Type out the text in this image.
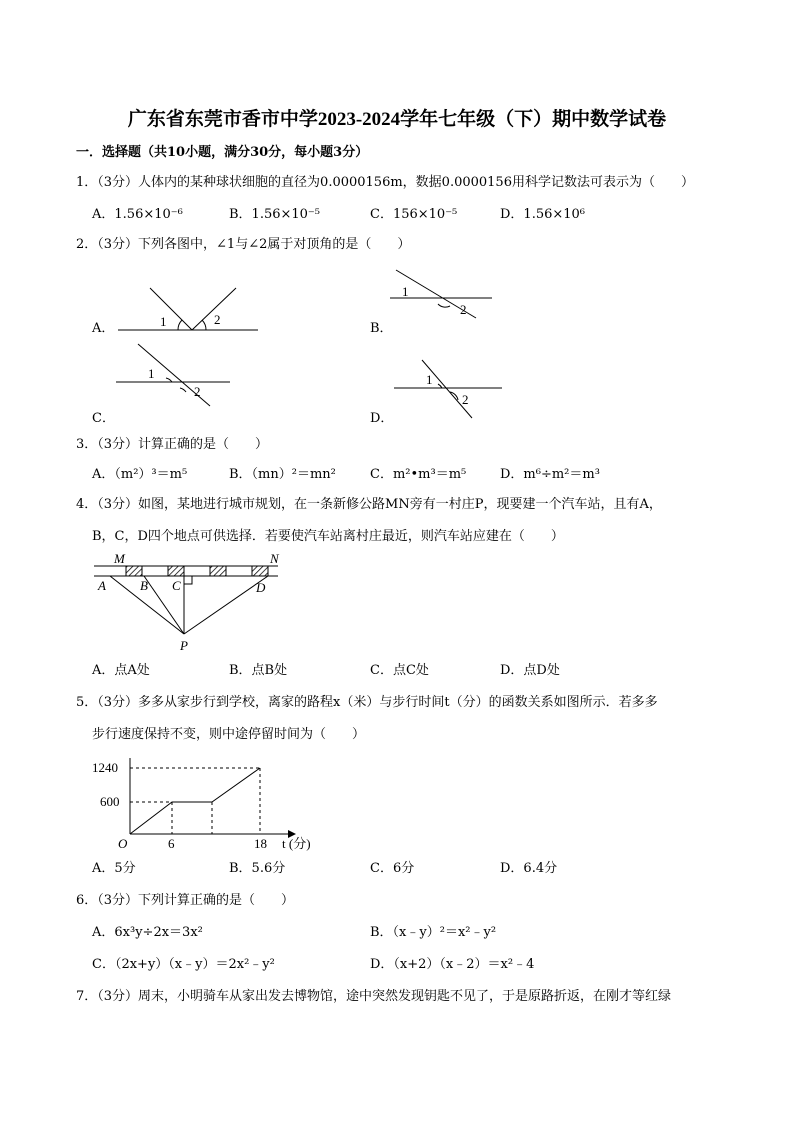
广东省东莞市香市中学2023-2024学年七年级（下）期中数学试卷
一．选择题（共10小题，满分30分，每小题3分）
1．（3分）人体内的某种球状细胞的直径为0.0000156m，数据0.0000156用科学记数法可表示为（　　）
A．1.56×10⁻⁶	B．1.56×10⁻⁵	C．156×10⁻⁵	D．1.56×10⁶
2．（3分）下列各图中，∠1与∠2属于对顶角的是（　　）
A．	1	2
B．
1
2
C．
1
2
D．
1
2
3．（3分）计算正确的是（　　）
A．（m²）³＝m⁵	B．（mn）²＝mn²	C．m²•m³＝m⁵	D．m⁶÷m²＝m³
4．（3分）如图，某地进行城市规划，在一条新修公路MN旁有一村庄P，现要建一个汽车站，且有A，
B，C，D四个地点可供选择．若要使汽车站离村庄最近，则汽车站应建在（　　）
M	N
A	B C	D
P
A．点A处	B．点B处	C．点C处	D．点D处
5．（3分）多多从家步行到学校，离家的路程x（米）与步行时间t（分）的函数关系如图所示．若多多
步行速度保持不变，则中途停留时间为（　　）
1240
600
O	6	18 t (分)
A．5分	B．5.6分	C．6分	D．6.4分
6．（3分）下列计算正确的是（　　）
A．6x³y÷2x＝3x²	B．（x﹣y）²＝x²﹣y²
C．（2x+y）（x﹣y）＝2x²﹣y²	D．（x+2）（x﹣2）＝x²﹣4
7．（3分）周末，小明骑车从家出发去博物馆，途中突然发现钥匙不见了，于是原路折返，在刚才等红绿
